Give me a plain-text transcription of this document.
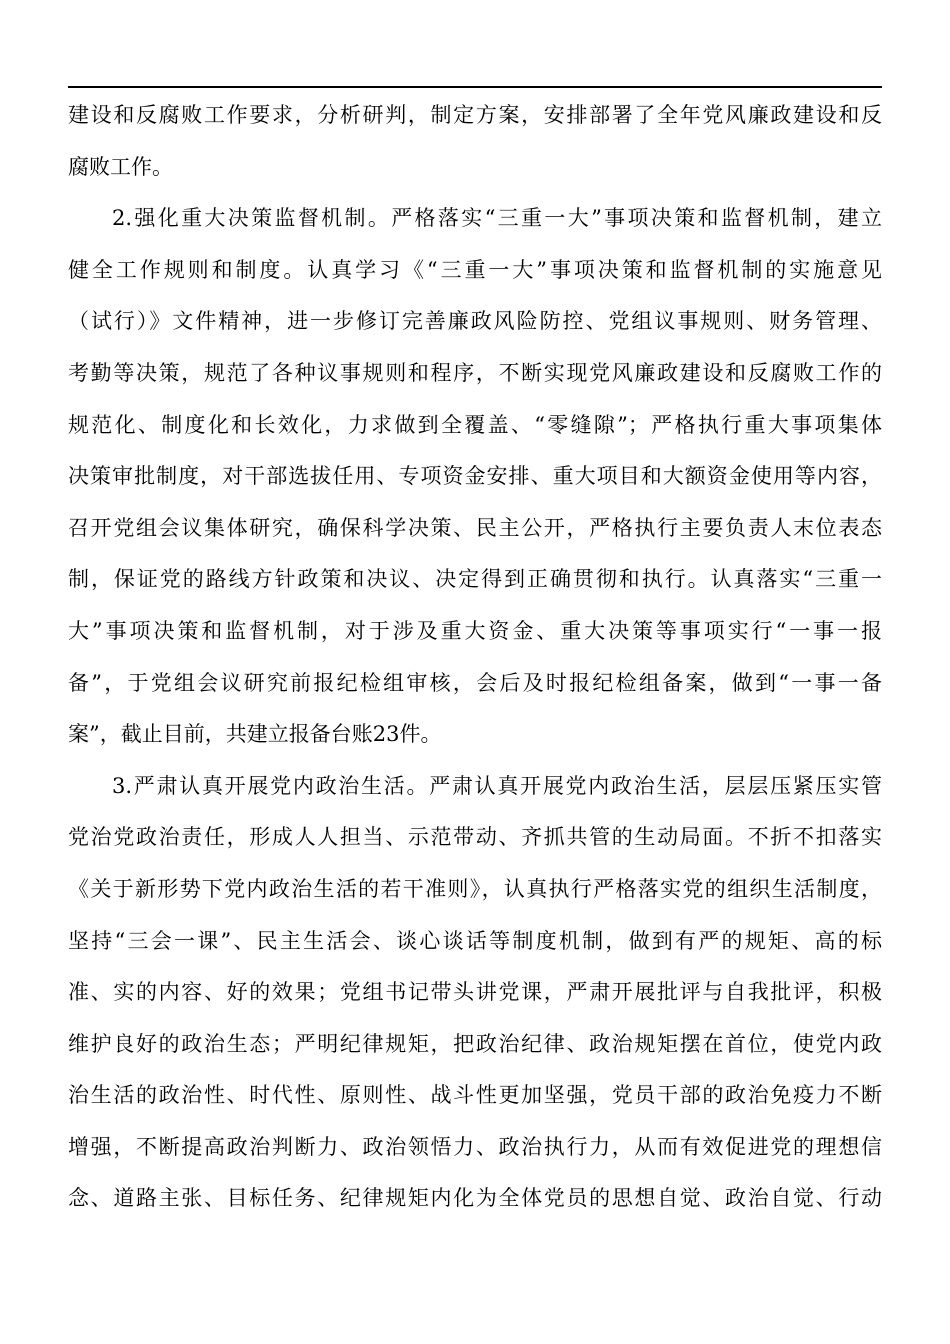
建设和反腐败工作要求，分析研判，制定方案，安排部署了全年党风廉政建设和反
腐败工作。
2.强化重大决策监督机制。严格落实“三重一大”事项决策和监督机制，建立
健全工作规则和制度。认真学习《“三重一大”事项决策和监督机制的实施意见
（试行）》文件精神，进一步修订完善廉政风险防控、党组议事规则、财务管理、
考勤等决策，规范了各种议事规则和程序，不断实现党风廉政建设和反腐败工作的
规范化、制度化和长效化，力求做到全覆盖、“零缝隙”；严格执行重大事项集体
决策审批制度，对干部选拔任用、专项资金安排、重大项目和大额资金使用等内容，
召开党组会议集体研究，确保科学决策、民主公开，严格执行主要负责人末位表态
制，保证党的路线方针政策和决议、决定得到正确贯彻和执行。认真落实“三重一
大”事项决策和监督机制，对于涉及重大资金、重大决策等事项实行“一事一报
备”，于党组会议研究前报纪检组审核，会后及时报纪检组备案，做到“一事一备
案”，截止目前，共建立报备台账23件。
3.严肃认真开展党内政治生活。严肃认真开展党内政治生活，层层压紧压实管
党治党政治责任，形成人人担当、示范带动、齐抓共管的生动局面。不折不扣落实
《关于新形势下党内政治生活的若干准则》，认真执行严格落实党的组织生活制度，
坚持“三会一课”、民主生活会、谈心谈话等制度机制，做到有严的规矩、高的标
准、实的内容、好的效果；党组书记带头讲党课，严肃开展批评与自我批评，积极
维护良好的政治生态；严明纪律规矩，把政治纪律、政治规矩摆在首位，使党内政
治生活的政治性、时代性、原则性、战斗性更加坚强，党员干部的政治免疫力不断
增强，不断提高政治判断力、政治领悟力、政治执行力，从而有效促进党的理想信
念、道路主张、目标任务、纪律规矩内化为全体党员的思想自觉、政治自觉、行动
